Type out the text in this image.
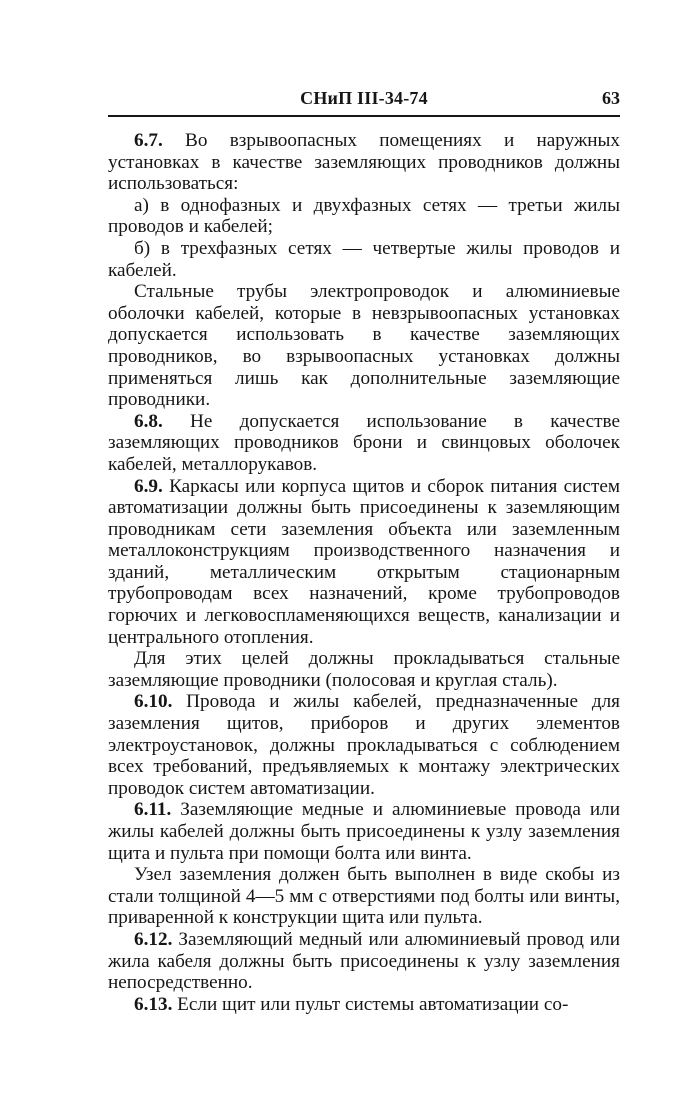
СНиП III-34-74	63

6.7. Во взрывоопасных помещениях и наружных установках в качестве заземляющих проводников должны использоваться:

а) в однофазных и двухфазных сетях — третьи жилы проводов и кабелей;

б) в трехфазных сетях — четвертые жилы проводов и кабелей.

Стальные трубы электропроводок и алюминиевые оболочки кабелей, которые в невзрывоопасных установках допускается использовать в качестве заземляющих проводников, во взрывоопасных установках должны применяться лишь как дополнительные заземляющие проводники.

6.8. Не допускается использование в качестве заземляющих проводников брони и свинцовых оболочек кабелей, металлорукавов.

6.9. Каркасы или корпуса щитов и сборок питания систем автоматизации должны быть присоединены к заземляющим проводникам сети заземления объекта или заземленным металлоконструкциям производственного назначения и зданий, металлическим открытым стационарным трубопроводам всех назначений, кроме трубопроводов горючих и легковоспламеняющихся веществ, канализации и центрального отопления.

Для этих целей должны прокладываться стальные заземляющие проводники (полосовая и круглая сталь).

6.10. Провода и жилы кабелей, предназначенные для заземления щитов, приборов и других элементов электроустановок, должны прокладываться с соблюдением всех требований, предъявляемых к монтажу электрических проводок систем автоматизации.

6.11. Заземляющие медные и алюминиевые провода или жилы кабелей должны быть присоединены к узлу заземления щита и пульта при помощи болта или винта.

Узел заземления должен быть выполнен в виде скобы из стали толщиной 4—5 мм с отверстиями под болты или винты, приваренной к конструкции щита или пульта.

6.12. Заземляющий медный или алюминиевый провод или жила кабеля должны быть присоединены к узлу заземления непосредственно.

6.13. Если щит или пульт системы автоматизации со-
